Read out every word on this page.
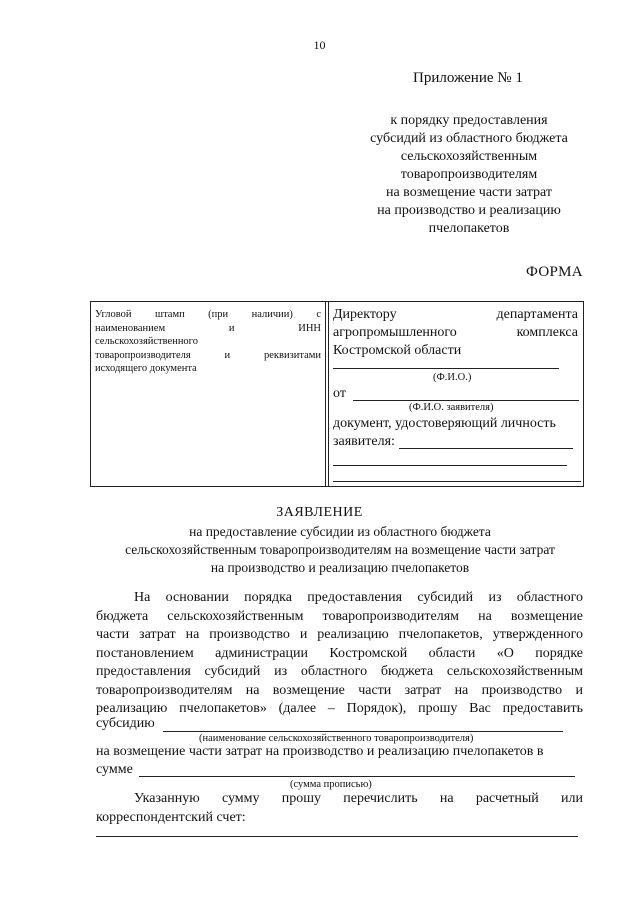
10
Приложение № 1
к порядку предоставления
субсидий из областного бюджета
сельскохозяйственным
товаропроизводителям
на возмещение части затрат
на производство и реализацию
пчелопакетов
ФОРМА
Угловой штамп (при наличии) с
наименованием и ИНН
сельскохозяйственного
товаропроизводителя и реквизитами
исходящего документа
Директору департамента
агропромышленного комплекса
Костромской области
(Ф.И.О.)
от
(Ф.И.О. заявителя)
документ, удостоверяющий личность
заявителя:
ЗАЯВЛЕНИЕ
на предоставление субсидии из областного бюджета
сельскохозяйственным товаропроизводителям на возмещение части затрат
на производство и реализацию пчелопакетов
На основании порядка предоставления субсидий из областного
бюджета сельскохозяйственным товаропроизводителям на возмещение
части затрат на производство и реализацию пчелопакетов, утвержденного
постановлением администрации Костромской области «О порядке
предоставления субсидий из областного бюджета сельскохозяйственным
товаропроизводителям на возмещение части затрат на производство и
реализацию пчелопакетов» (далее – Порядок), прошу Вас предоставить
субсидию
(наименование сельскохозяйственного товаропроизводителя)
на возмещение части затрат на производство и реализацию пчелопакетов в
сумме
(сумма прописью)
Указанную сумму прошу перечислить на расчетный или
корреспондентский счет:
